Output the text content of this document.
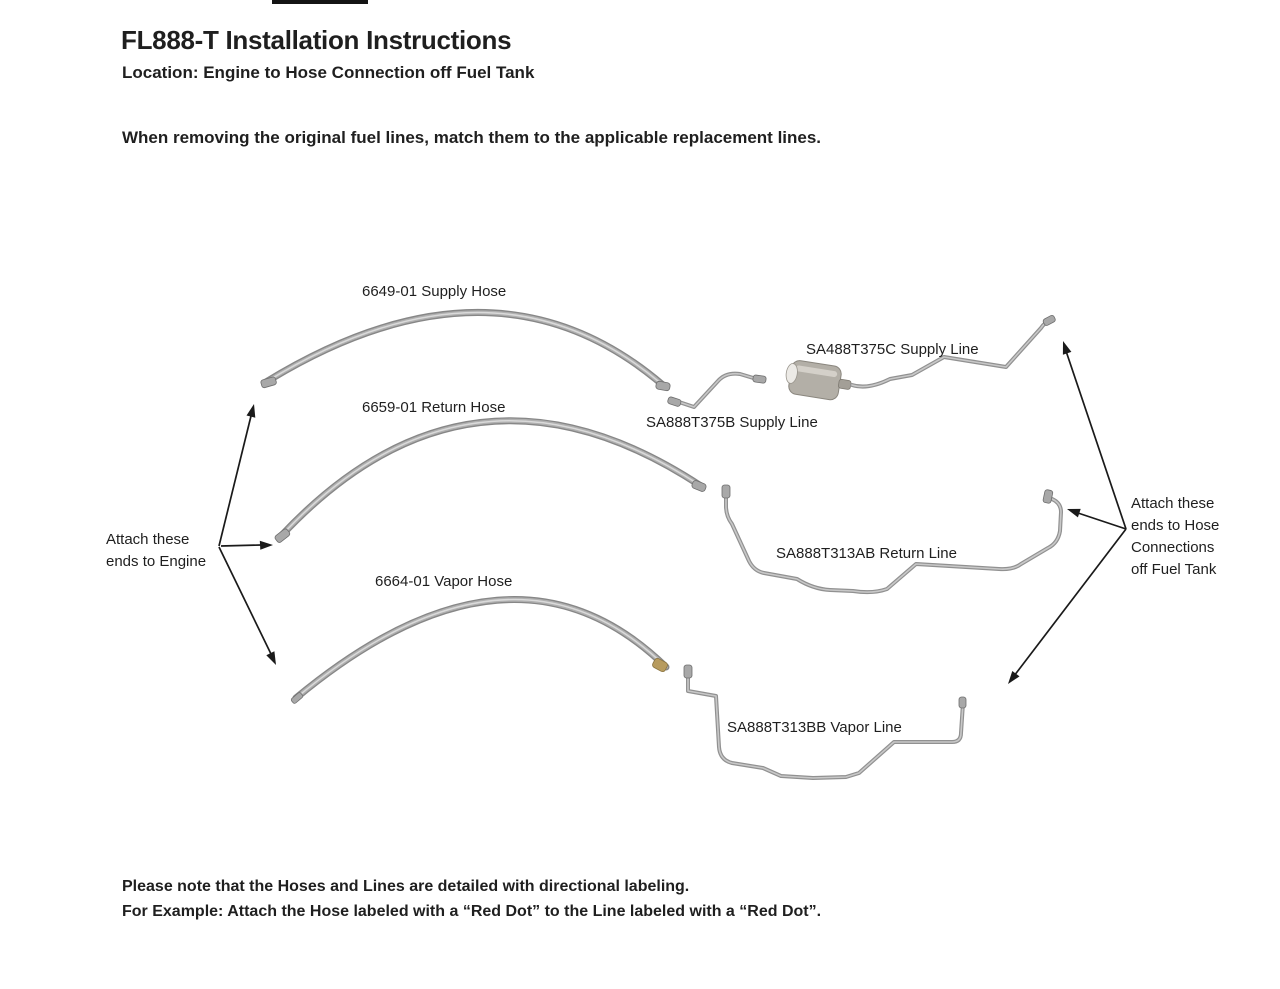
FL888-T Installation Instructions
Location: Engine to Hose Connection off Fuel Tank
When removing the original fuel lines, match them to the applicable replacement lines.
6649-01 Supply Hose
SA488T375C Supply Line
6659-01 Return Hose
SA888T375B Supply Line
SA888T313AB Return Line
6664-01 Vapor Hose
SA888T313BB Vapor Line
Attach these
ends to Engine
Attach these
ends to Hose
Connections
off Fuel Tank
Please note that the Hoses and Lines are detailed with directional labeling.
For Example: Attach the Hose labeled with a “Red Dot” to the Line labeled with a “Red Dot”.
